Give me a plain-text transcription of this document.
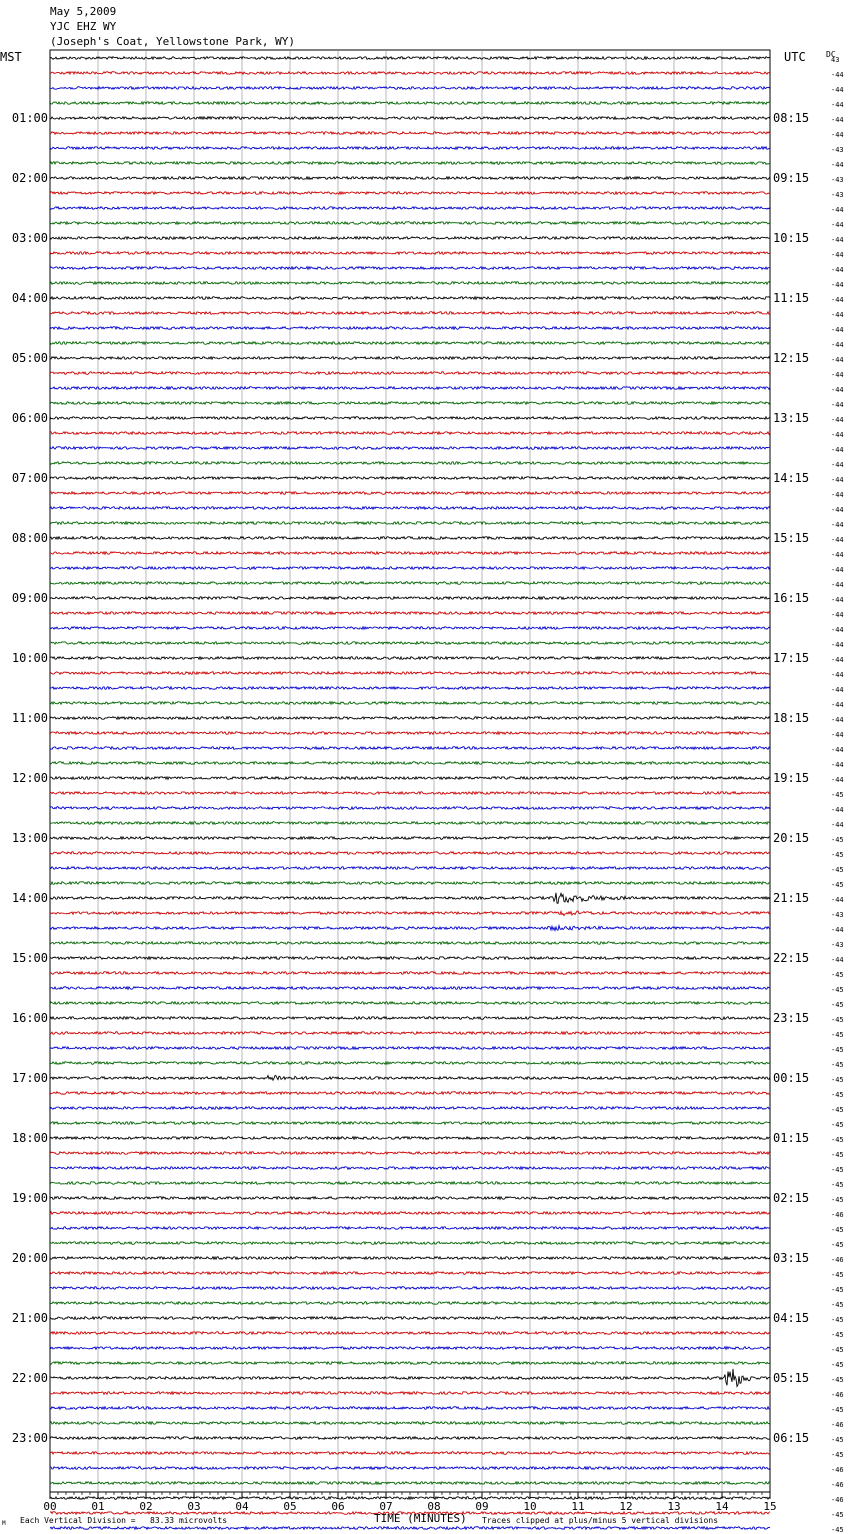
May 5,2009
YJC EHZ WY
(Joseph's Coat, Yellowstone Park, WY)
MST	UTC	DC
00	01	02	03	04	05	06	07	08	09	10	11	12	13	14	15
43
-44
-44
-44
-44
-44
-43
-44
-43
-43
-44
-44
-44
-44
-44
-44
-44
-44
-44
-44
-44
-44
-44
-44
-44
-44
-44
-44
-44
-44
-44
-44
-44
-44
-44
-44
-44
-44
-44
-44
-44
-44
-44
-44
-44
-44
-44
-44
-44
-45
-44
-44
-45
-45
-45
-45
-44
-43
-44
-43
-44
-45
-45
-45
-45
-45
-45
-45
-45
-45
-45
-45
-45
-45
-45
-45
-45
-46
-45
-45
-46
-45
-45
-45
-45
-45
-45
-45
-45
-46
-45
-46
-45
-45
-46
-46
-46
-45
-45
01:00
02:00
03:00
04:00
05:00
06:00
07:00
08:00
09:00
10:00
11:00
12:00
13:00
14:00
15:00
16:00
17:00
18:00
19:00
20:00
21:00
22:00
23:00
08:15
09:15
10:15
11:15
12:15
13:15
14:15
15:15
16:15
17:15
18:15
19:15
20:15
21:15
22:15
23:15
00:15
01:15
02:15
03:15
04:15
05:15
06:15
TIME (MINUTES)
Each Vertical Division =   83.33 microvolts	Traces clipped at plus/minus 5 vertical divisions
M
